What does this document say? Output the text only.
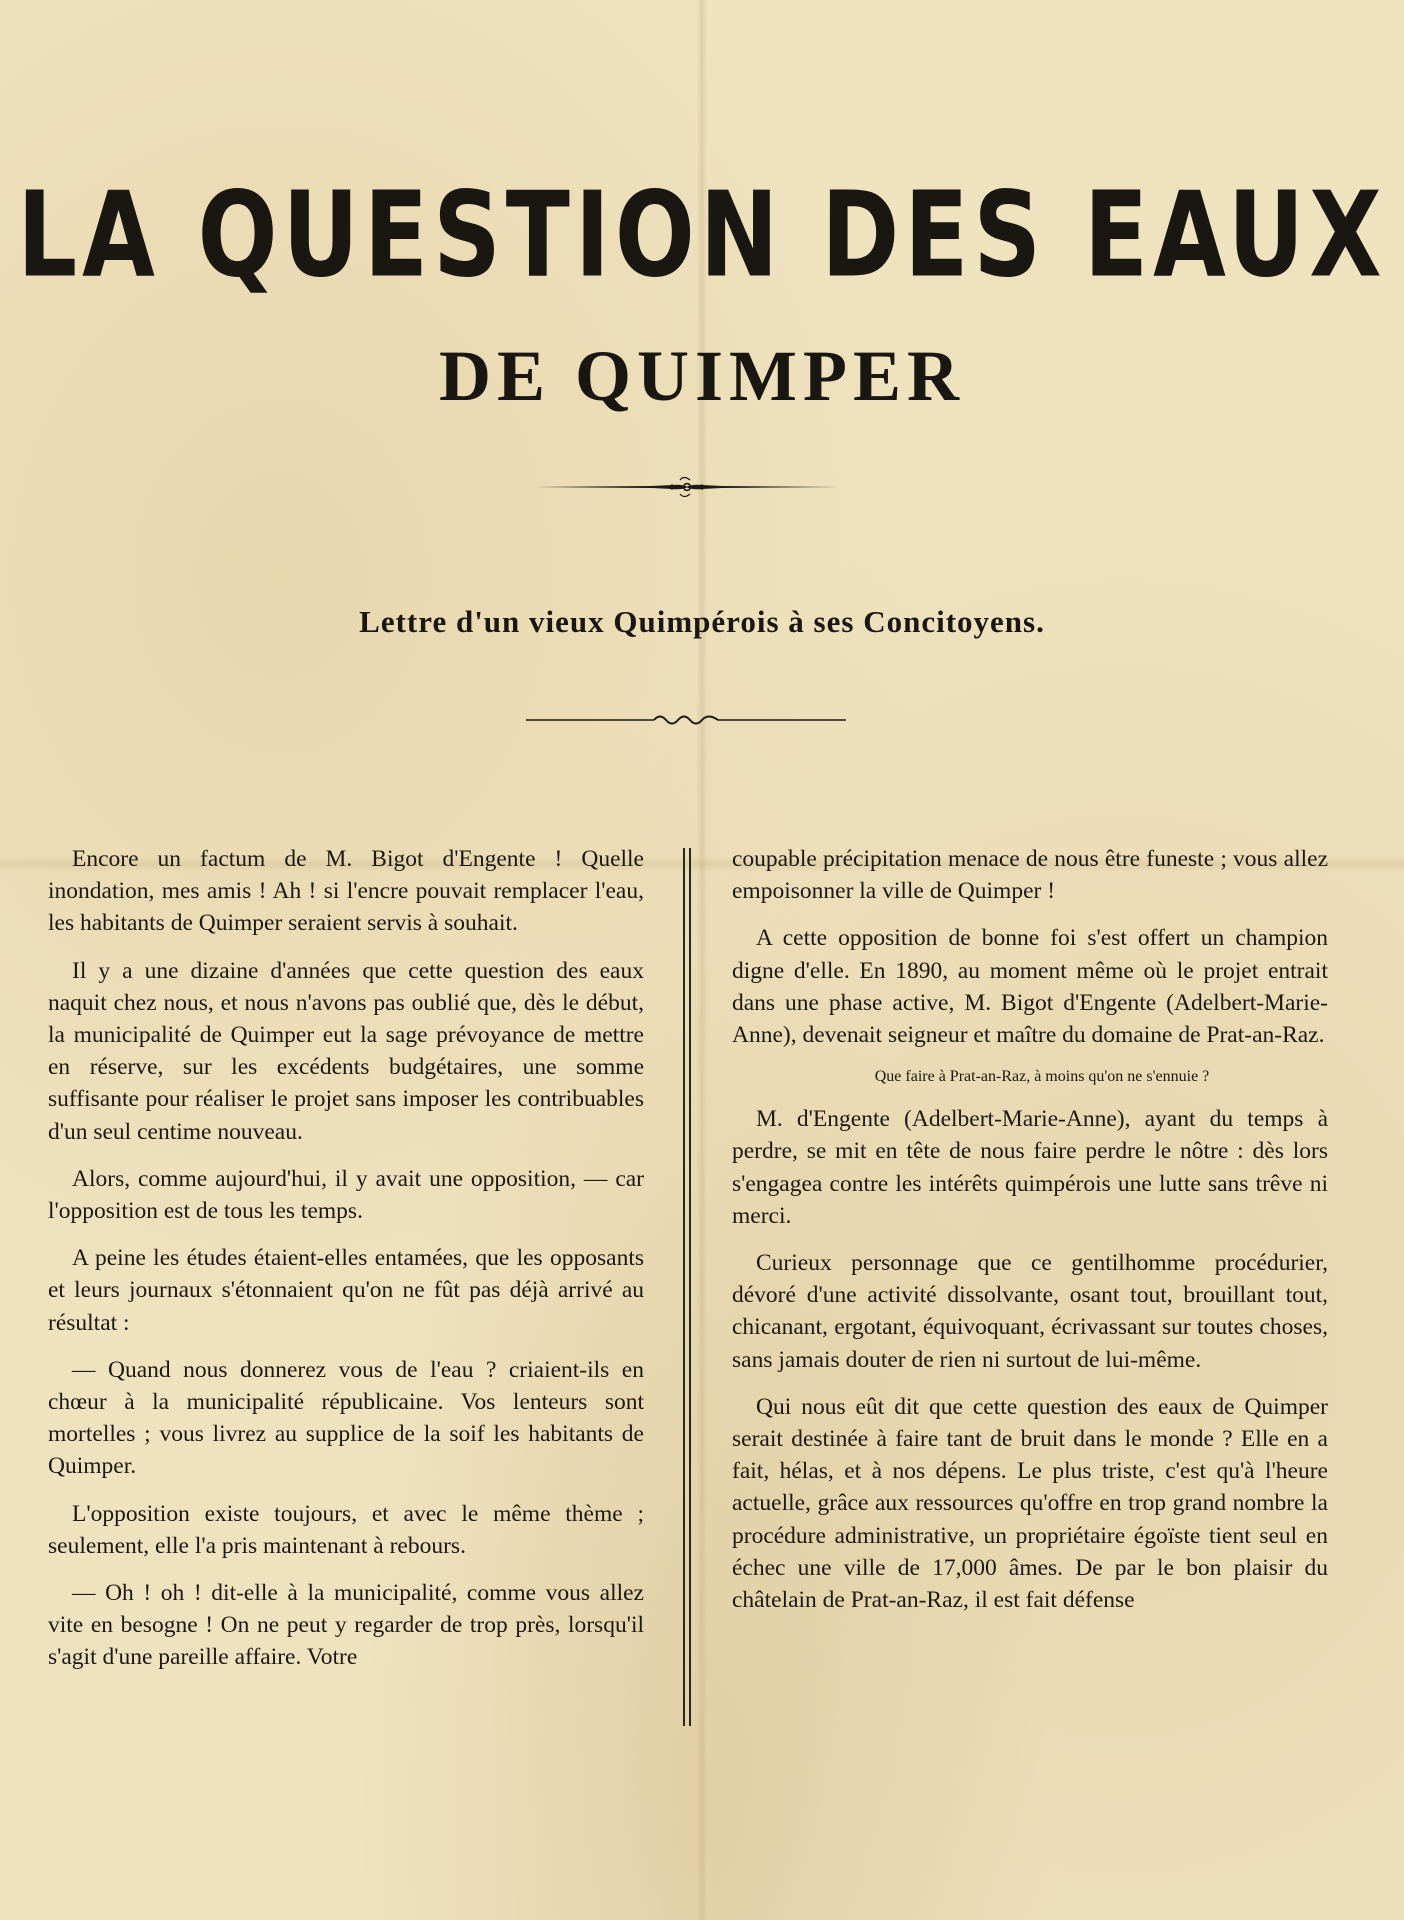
LA QUESTION DES EAUX
DE QUIMPER
Lettre d'un vieux Quimpérois à ses Concitoyens.

Encore un factum de M. Bigot d'Engente ! Quelle inondation, mes amis ! Ah ! si l'encre pouvait remplacer l'eau, les habitants de Quimper seraient servis à souhait.

Il y a une dizaine d'années que cette question des eaux naquit chez nous, et nous n'avons pas oublié que, dès le début, la municipalité de Quimper eut la sage prévoyance de mettre en réserve, sur les excédents budgétaires, une somme suffisante pour réaliser le projet sans imposer les contribuables d'un seul centime nouveau.

Alors, comme aujourd'hui, il y avait une opposition, — car l'opposition est de tous les temps.

A peine les études étaient-elles entamées, que les opposants et leurs journaux s'étonnaient qu'on ne fût pas déjà arrivé au résultat :

— Quand nous donnerez vous de l'eau ? criaient-ils en chœur à la municipalité républicaine. Vos lenteurs sont mortelles ; vous livrez au supplice de la soif les habitants de Quimper.

L'opposition existe toujours, et avec le même thème ; seulement, elle l'a pris maintenant à rebours.

— Oh ! oh ! dit-elle à la municipalité, comme vous allez vite en besogne ! On ne peut y regarder de trop près, lorsqu'il s'agit d'une pareille affaire. Votre

coupable précipitation menace de nous être funeste ; vous allez empoisonner la ville de Quimper !

A cette opposition de bonne foi s'est offert un champion digne d'elle. En 1890, au moment même où le projet entrait dans une phase active, M. Bigot d'Engente (Adelbert-Marie-Anne), devenait seigneur et maître du domaine de Prat-an-Raz.

Que faire à Prat-an-Raz, à moins qu'on ne s'ennuie ?

M. d'Engente (Adelbert-Marie-Anne), ayant du temps à perdre, se mit en tête de nous faire perdre le nôtre : dès lors s'engagea contre les intérêts quimpérois une lutte sans trêve ni merci.

Curieux personnage que ce gentilhomme procédurier, dévoré d'une activité dissolvante, osant tout, brouillant tout, chicanant, ergotant, équivoquant, écrivassant sur toutes choses, sans jamais douter de rien ni surtout de lui-même.

Qui nous eût dit que cette question des eaux de Quimper serait destinée à faire tant de bruit dans le monde ? Elle en a fait, hélas, et à nos dépens. Le plus triste, c'est qu'à l'heure actuelle, grâce aux ressources qu'offre en trop grand nombre la procédure administrative, un propriétaire égoïste tient seul en échec une ville de 17,000 âmes. De par le bon plaisir du châtelain de Prat-an-Raz, il est fait défense
